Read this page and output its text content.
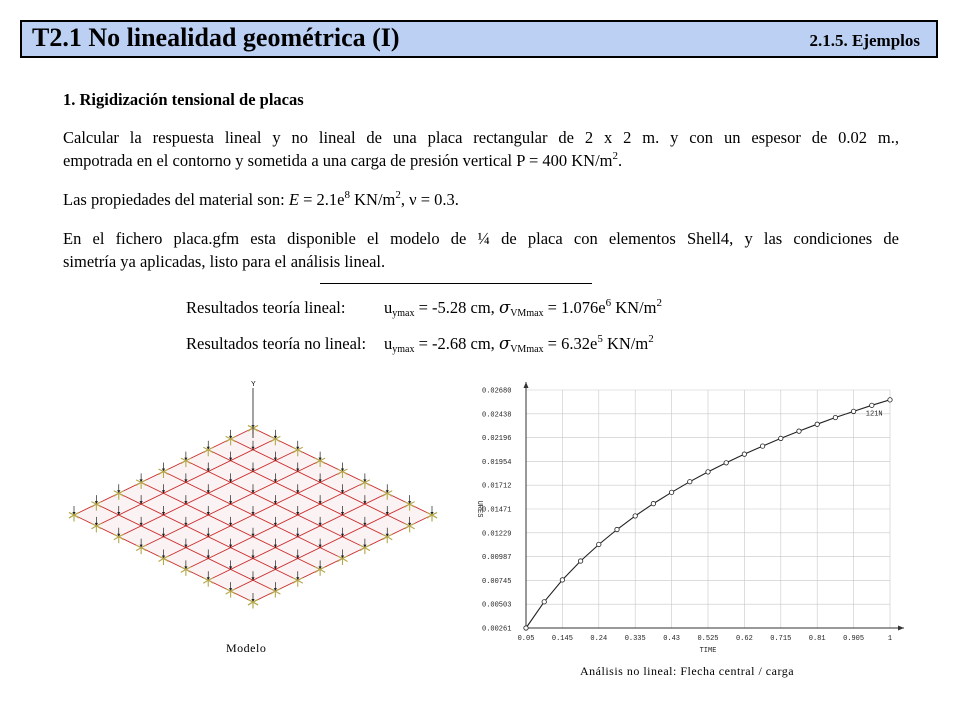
T2.1 No linealidad geométrica (I)	2.1.5. Ejemplos
1. Rigidización tensional de placas
Calcular la respuesta lineal y no lineal de una placa rectangular de 2 x 2 m. y con un espesor de 0.02 m.,
empotrada en el contorno y sometida a una carga de presión vertical P = 400 $KN/m^2$.
Las propiedades del material son: $E = 2.1e^8$ $KN/m^2$, ν = 0.3.
En el fichero placa.gfm esta disponible el modelo de ¼ de placa con elementos Shell4, y las condiciones de
simetría ya aplicadas, listo para el análisis lineal.
Resultados teoría lineal: $u_{ymax} = -5.28$ cm, $\sigma_{VMmax} = 1.076e^6$ $KN/m^2$
Resultados teoría no lineal: $u_{ymax} = -2.68$ cm, $\sigma_{VMmax} = 6.32e^5$ $KN/m^2$
Y
Modelo
0.00261
0.00503
0.00745
0.00987
0.01229
0.01471
0.01712
0.01954
0.02196
0.02438
0.02680
0.05 0.145 0.24 0.335 0.43 0.525 0.62 0.715 0.81 0.905	1
URES
TIME
121N
Análisis no lineal: Flecha central / carga
